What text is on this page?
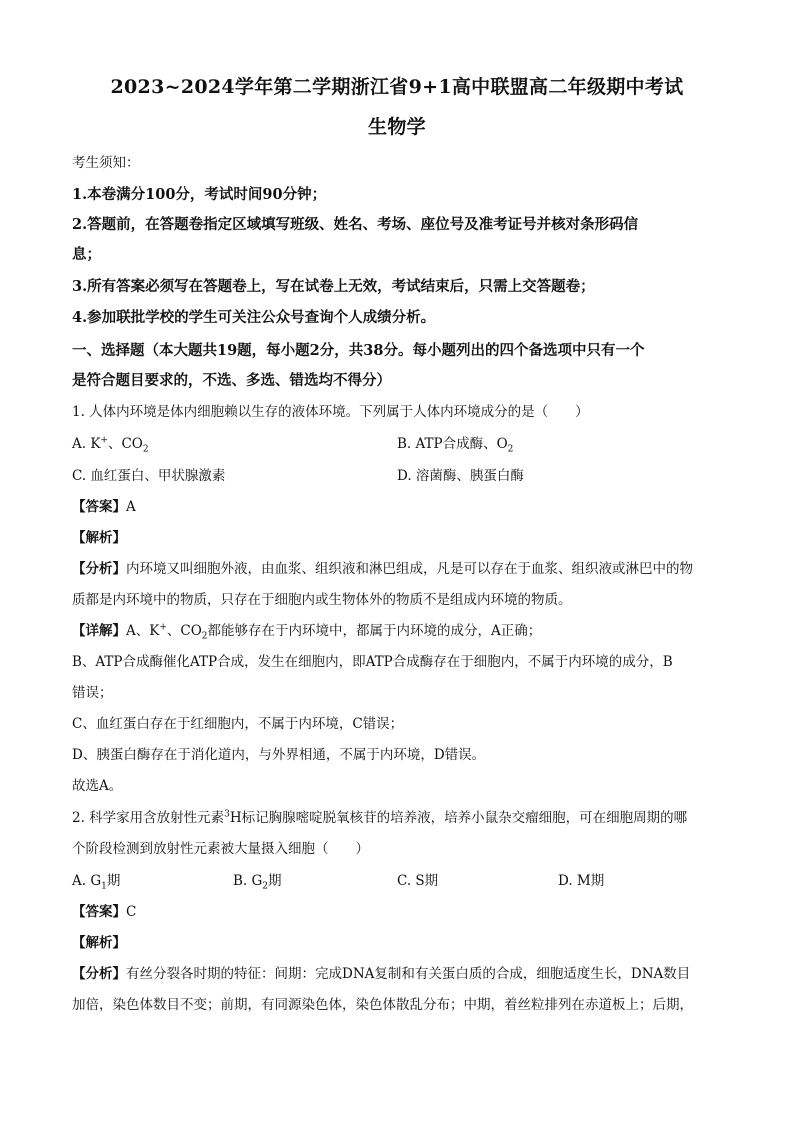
2023~2024学年第二学期浙江省9+1高中联盟高二年级期中考试
生物学
考生须知：
1.本卷满分100分，考试时间90分钟；
2.答题前，在答题卷指定区域填写班级、姓名、考场、座位号及准考证号并核对条形码信
息；
3.所有答案必须写在答题卷上，写在试卷上无效，考试结束后，只需上交答题卷；
4.参加联批学校的学生可关注公众号查询个人成绩分析。
一、选择题（本大题共19题，每小题2分，共38分。每小题列出的四个备选项中只有一个
是符合题目要求的，不选、多选、错选均不得分）
1. 人体内环境是体内细胞赖以生存的液体环境。下列属于人体内环境成分的是（　　）
A. K+、$CO_2$	B. ATP合成酶、$O_2$
C. 血红蛋白、甲状腺激素	D. 溶菌酶、胰蛋白酶
【答案】A
【解析】
【分析】内环境又叫细胞外液，由血浆、组织液和淋巴组成，凡是可以存在于血浆、组织液或淋巴中的物
质都是内环境中的物质，只存在于细胞内或生物体外的物质不是组成内环境的物质。
【详解】A、K+、$CO_2$都能够存在于内环境中，都属于内环境的成分，A正确；
B、ATP合成酶催化ATP合成，发生在细胞内，即ATP合成酶存在于细胞内，不属于内环境的成分，B
错误；
C、血红蛋白存在于红细胞内，不属于内环境，C错误；
D、胰蛋白酶存在于消化道内，与外界相通，不属于内环境，D错误。
故选A。
2. 科学家用含放射性元素$^3$H标记胸腺嘧啶脱氧核苷的培养液，培养小鼠杂交瘤细胞，可在细胞周期的哪
个阶段检测到放射性元素被大量摄入细胞（　　）
A. $G_1$期	B. $G_2$期	C. S期	D. M期
【答案】C
【解析】
【分析】有丝分裂各时期的特征：间期：完成DNA复制和有关蛋白质的合成，细胞适度生长，DNA数目
加倍，染色体数目不变；前期，有同源染色体，染色体散乱分布；中期，着丝粒排列在赤道板上；后期，
